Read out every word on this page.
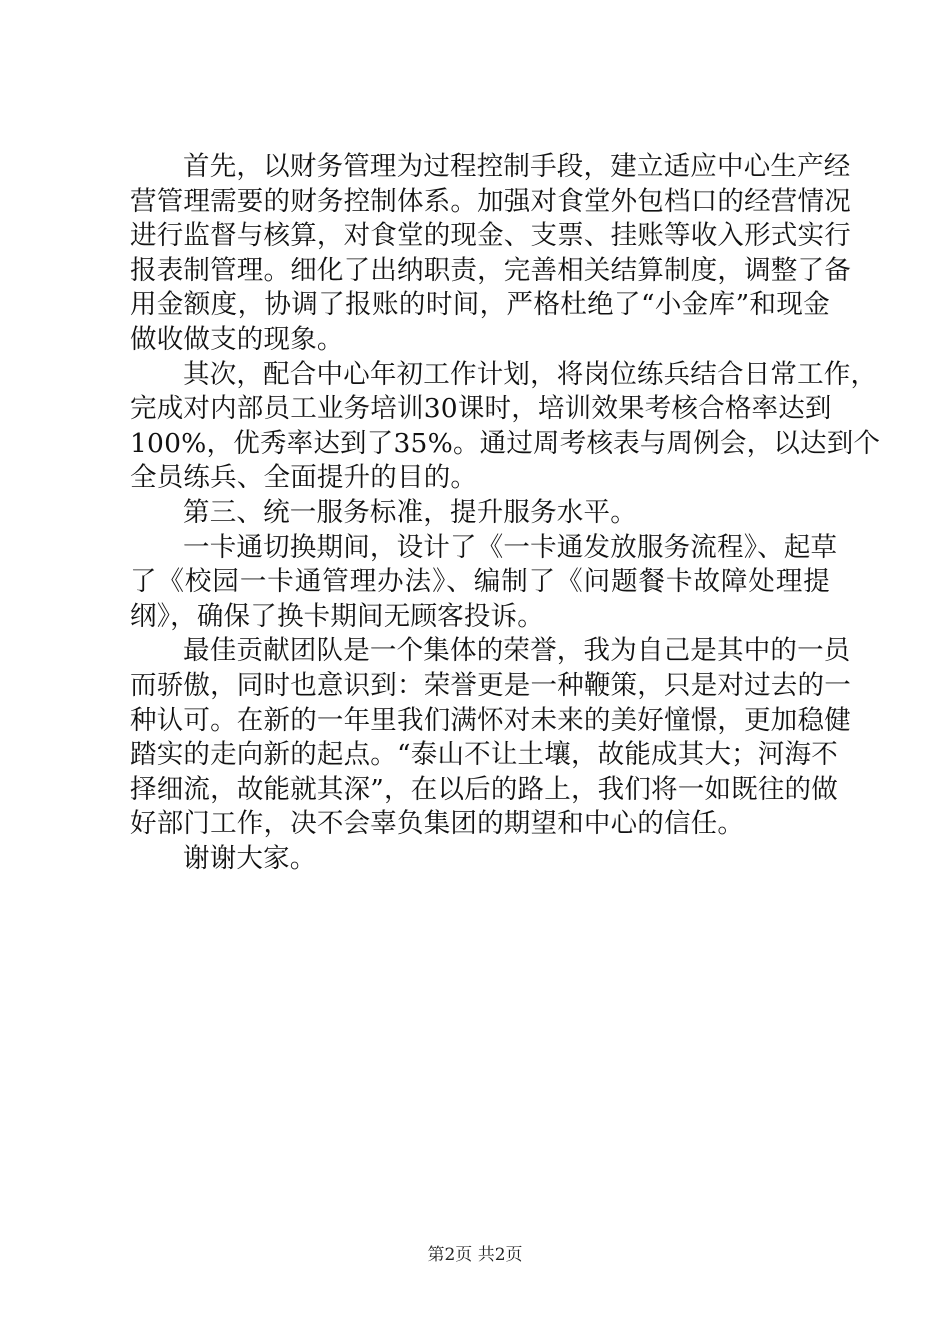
首先，以财务管理为过程控制手段，建立适应中心生产经
营管理需要的财务控制体系。加强对食堂外包档口的经营情况
进行监督与核算，对食堂的现金、支票、挂账等收入形式实行
报表制管理。细化了出纳职责，完善相关结算制度，调整了备
用金额度，协调了报账的时间，严格杜绝了“小金库”和现金
做收做支的现象。
其次，配合中心年初工作计划，将岗位练兵结合日常工作，
完成对内部员工业务培训30课时，培训效果考核合格率达到
100%，优秀率达到了35%。通过周考核表与周例会，以达到个
全员练兵、全面提升的目的。
第三、统一服务标准，提升服务水平。
一卡通切换期间，设计了《一卡通发放服务流程》、起草
了《校园一卡通管理办法》、编制了《问题餐卡故障处理提
纲》，确保了换卡期间无顾客投诉。
最佳贡献团队是一个集体的荣誉，我为自己是其中的一员
而骄傲，同时也意识到：荣誉更是一种鞭策，只是对过去的一
种认可。在新的一年里我们满怀对未来的美好憧憬，更加稳健
踏实的走向新的起点。“泰山不让土壤，故能成其大；河海不
择细流，故能就其深”，在以后的路上，我们将一如既往的做
好部门工作，决不会辜负集团的期望和中心的信任。
谢谢大家。
第2页 共2页
